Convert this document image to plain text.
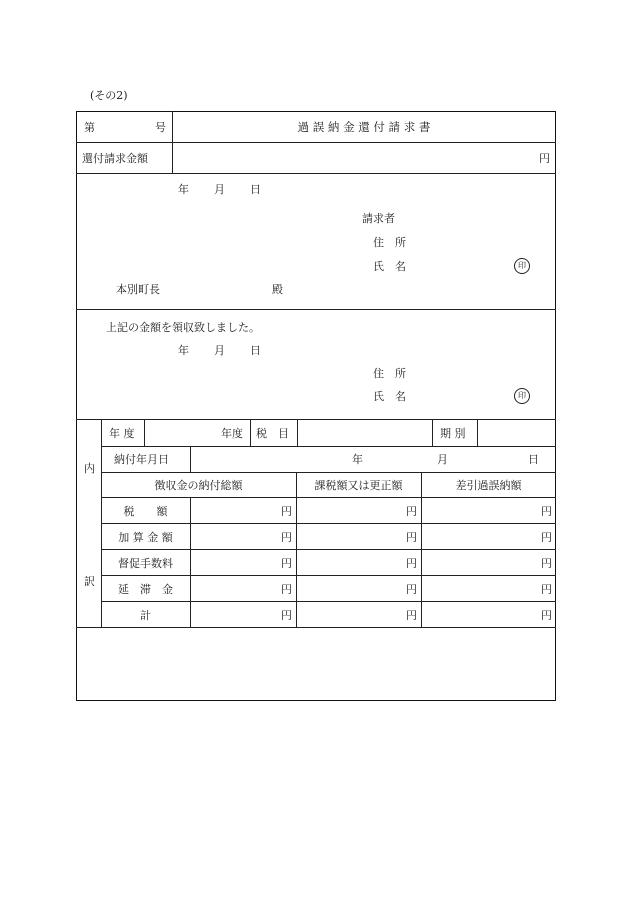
(その2)
第	号	過 誤 納 金 還 付 請 求 書
還付請求金額	円
年 月 日
請求者
住　所
氏　名	印
本別町長	殿
上記の金額を領収致しました。
年 月 日
住　所
氏　名	印
内
訳
年 度	年度 税　目	期 別
納付年月日	年	月	日
徴収金の納付総額	課税額又は更正額	差引過誤納額
税　　額	円	円	円
加 算 金 額	円	円	円
督促手数料	円	円	円
延　滞　金	円	円	円
計	円	円	円
